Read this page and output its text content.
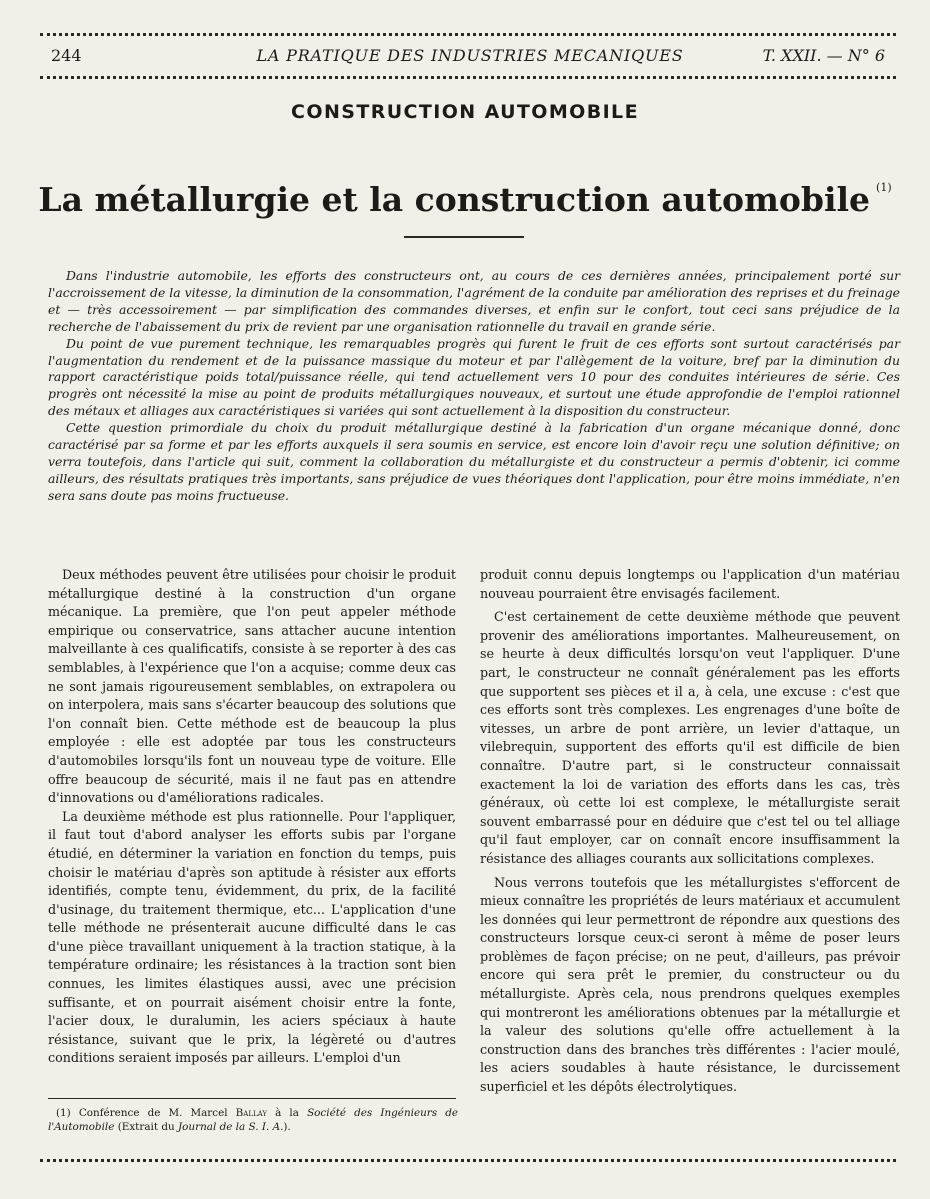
244	LA PRATIQUE DES INDUSTRIES MECANIQUES	T. XXII. — N° 6
CONSTRUCTION AUTOMOBILE
La métallurgie et la construction automobile $^{(1)}$

Dans l'industrie automobile, les efforts des constructeurs ont, au cours de ces dernières années, principalement porté sur l'accroissement de la vitesse, la diminution de la consommation, l'agrément de la conduite par amélioration des reprises et du freinage et — très accessoirement — par simplification des commandes diverses, et enfin sur le confort, tout ceci sans préjudice de la recherche de l'abaissement du prix de revient par une organisation rationnelle du travail en grande série.

Du point de vue purement technique, les remarquables progrès qui furent le fruit de ces efforts sont surtout caractérisés par l'augmentation du rendement et de la puissance massique du moteur et par l'allègement de la voiture, bref par la diminution du rapport caractéristique poids total/puissance réelle, qui tend actuellement vers 10 pour des conduites intérieures de série. Ces progrès ont nécessité la mise au point de produits métallurgiques nouveaux, et surtout une étude approfondie de l'emploi rationnel des métaux et alliages aux caractéristiques si variées qui sont actuellement à la disposition du constructeur.

Cette question primordiale du choix du produit métallurgique destiné à la fabrication d'un organe mécanique donné, donc caractérisé par sa forme et par les efforts auxquels il sera soumis en service, est encore loin d'avoir reçu une solution définitive; on verra toutefois, dans l'article qui suit, comment la collaboration du métallurgiste et du constructeur a permis d'obtenir, ici comme ailleurs, des résultats pratiques très importants, sans préjudice de vues théoriques dont l'application, pour être moins immédiate, n'en sera sans doute pas moins fructueuse.

Deux méthodes peuvent être utilisées pour choisir le produit métallurgique destiné à la construction d'un organe mécanique. La première, que l'on peut appeler méthode empirique ou conservatrice, sans attacher aucune intention malveillante à ces qualificatifs, consiste à se reporter à des cas semblables, à l'expérience que l'on a acquise; comme deux cas ne sont jamais rigoureusement semblables, on extrapolera ou on interpolera, mais sans s'écarter beaucoup des solutions que l'on connaît bien. Cette méthode est de beaucoup la plus employée : elle est adoptée par tous les constructeurs d'automobiles lorsqu'ils font un nouveau type de voiture. Elle offre beaucoup de sécurité, mais il ne faut pas en attendre d'innovations ou d'améliorations radicales.

La deuxième méthode est plus rationnelle. Pour l'appliquer, il faut tout d'abord analyser les efforts subis par l'organe étudié, en déterminer la variation en fonction du temps, puis choisir le matériau d'après son aptitude à résister aux efforts identifiés, compte tenu, évidemment, du prix, de la facilité d'usinage, du traitement thermique, etc... L'application d'une telle méthode ne présenterait aucune difficulté dans le cas d'une pièce travaillant uniquement à la traction statique, à la température ordinaire; les résistances à la traction sont bien connues, les limites élastiques aussi, avec une précision suffisante, et on pourrait aisément choisir entre la fonte, l'acier doux, le duralumin, les aciers spéciaux à haute résistance, suivant que le prix, la légèreté ou d'autres conditions seraient imposés par ailleurs. L'emploi d'un

produit connu depuis longtemps ou l'application d'un matériau nouveau pourraient être envisagés facilement.

C'est certainement de cette deuxième méthode que peuvent provenir des améliorations importantes. Malheureusement, on se heurte à deux difficultés lorsqu'on veut l'appliquer. D'une part, le constructeur ne connaît généralement pas les efforts que supportent ses pièces et il a, à cela, une excuse : c'est que ces efforts sont très complexes. Les engrenages d'une boîte de vitesses, un arbre de pont arrière, un levier d'attaque, un vilebrequin, supportent des efforts qu'il est difficile de bien connaître. D'autre part, si le constructeur connaissait exactement la loi de variation des efforts dans les cas, très généraux, où cette loi est complexe, le métallurgiste serait souvent embarrassé pour en déduire que c'est tel ou tel alliage qu'il faut employer, car on connaît encore insuffisamment la résistance des alliages courants aux sollicitations complexes.

Nous verrons toutefois que les métallurgistes s'efforcent de mieux connaître les propriétés de leurs matériaux et accumulent les données qui leur permettront de répondre aux questions des constructeurs lorsque ceux-ci seront à même de poser leurs problèmes de façon précise; on ne peut, d'ailleurs, pas prévoir encore qui sera prêt le premier, du constructeur ou du métallurgiste. Après cela, nous prendrons quelques exemples qui montreront les améliorations obtenues par la métallurgie et la valeur des solutions qu'elle offre actuellement à la construction dans des branches très différentes : l'acier moulé, les aciers soudables à haute résistance, le durcissement superficiel et les dépôts électrolytiques.

(1) Conférence de M. Marcel Ballay à la Société des Ingénieurs de l'Automobile (Extrait du Journal de la S. I. A.).
